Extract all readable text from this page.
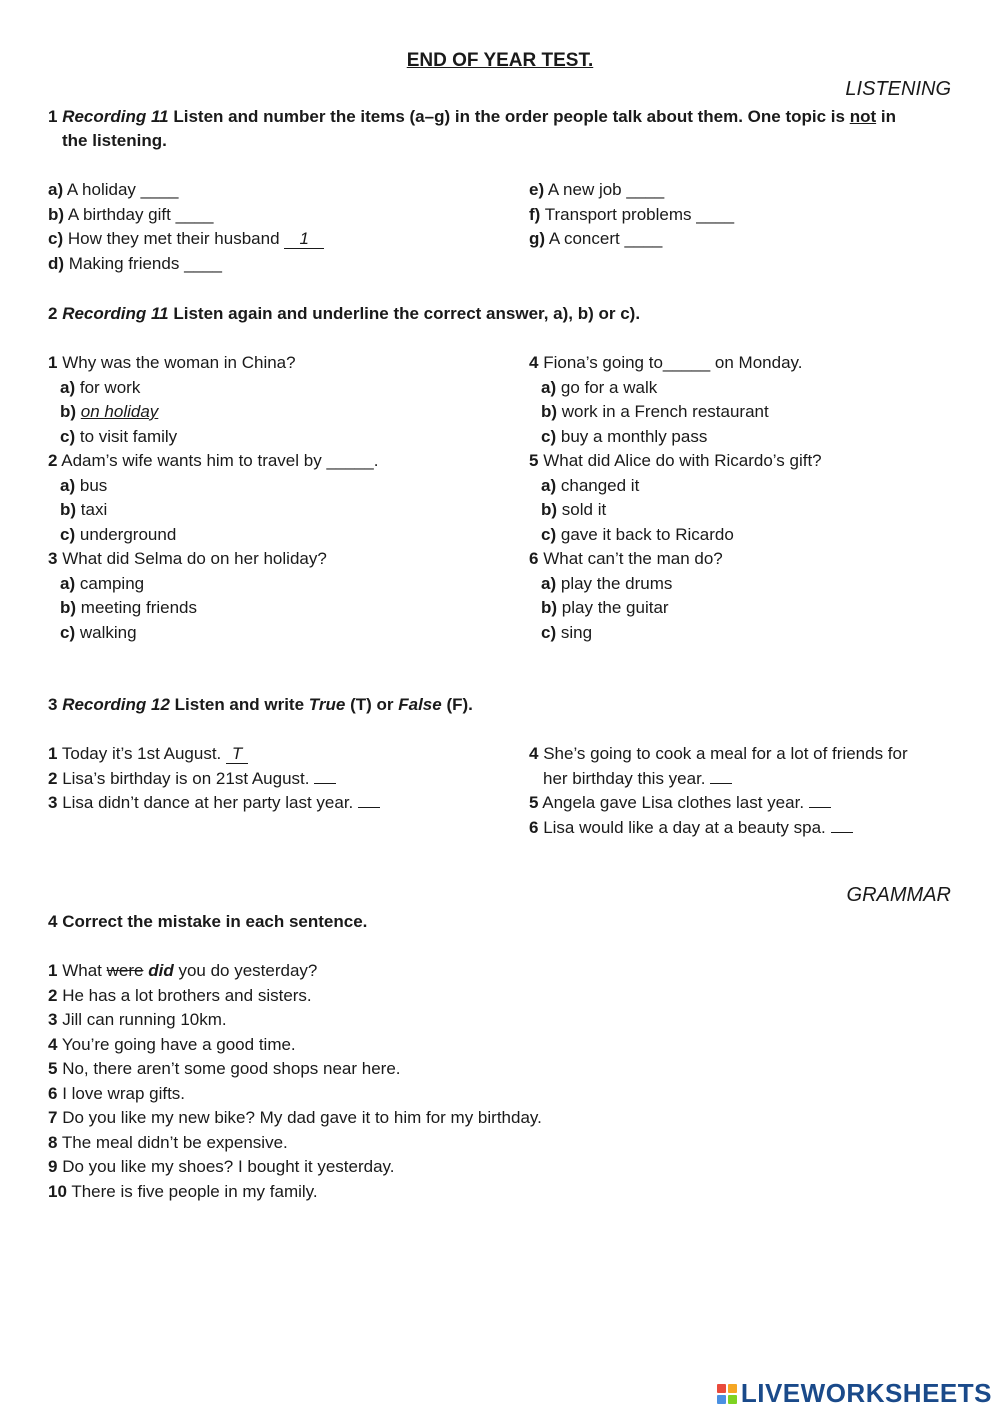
END OF YEAR TEST.
LISTENING
1 Recording 11 Listen and number the items (a–g) in the order people talk about them. One topic is not in
the listening.
a) A holiday ____
b) A birthday gift ____
c) How they met their husband 1
d) Making friends ____
e) A new job ____
f) Transport problems ____
g) A concert ____
2 Recording 11 Listen again and underline the correct answer, a), b) or c).
1 Why was the woman in China?
a) for work
b) on holiday
c) to visit family
2 Adam’s wife wants him to travel by _____.
a) bus
b) taxi
c) underground
3 What did Selma do on her holiday?
a) camping
b) meeting friends
c) walking
4 Fiona’s going to_____ on Monday.
a) go for a walk
b) work in a French restaurant
c) buy a monthly pass
5 What did Alice do with Ricardo’s gift?
a) changed it
b) sold it
c) gave it back to Ricardo
6 What can’t the man do?
a) play the drums
b) play the guitar
c) sing
3 Recording 12 Listen and write True (T) or False (F).
1 Today it’s 1st August. T
2 Lisa’s birthday is on 21st August.
3 Lisa didn’t dance at her party last year.
4 She’s going to cook a meal for a lot of friends for
her birthday this year.
5 Angela gave Lisa clothes last year.
6 Lisa would like a day at a beauty spa.
GRAMMAR
4 Correct the mistake in each sentence.
1 What were did you do yesterday?
2 He has a lot brothers and sisters.
3 Jill can running 10km.
4 You’re going have a good time.
5 No, there aren’t some good shops near here.
6 I love wrap gifts.
7 Do you like my new bike? My dad gave it to him for my birthday.
8 The meal didn’t be expensive.
9 Do you like my shoes? I bought it yesterday.
10 There is five people in my family.
LIVEWORKSHEETS
